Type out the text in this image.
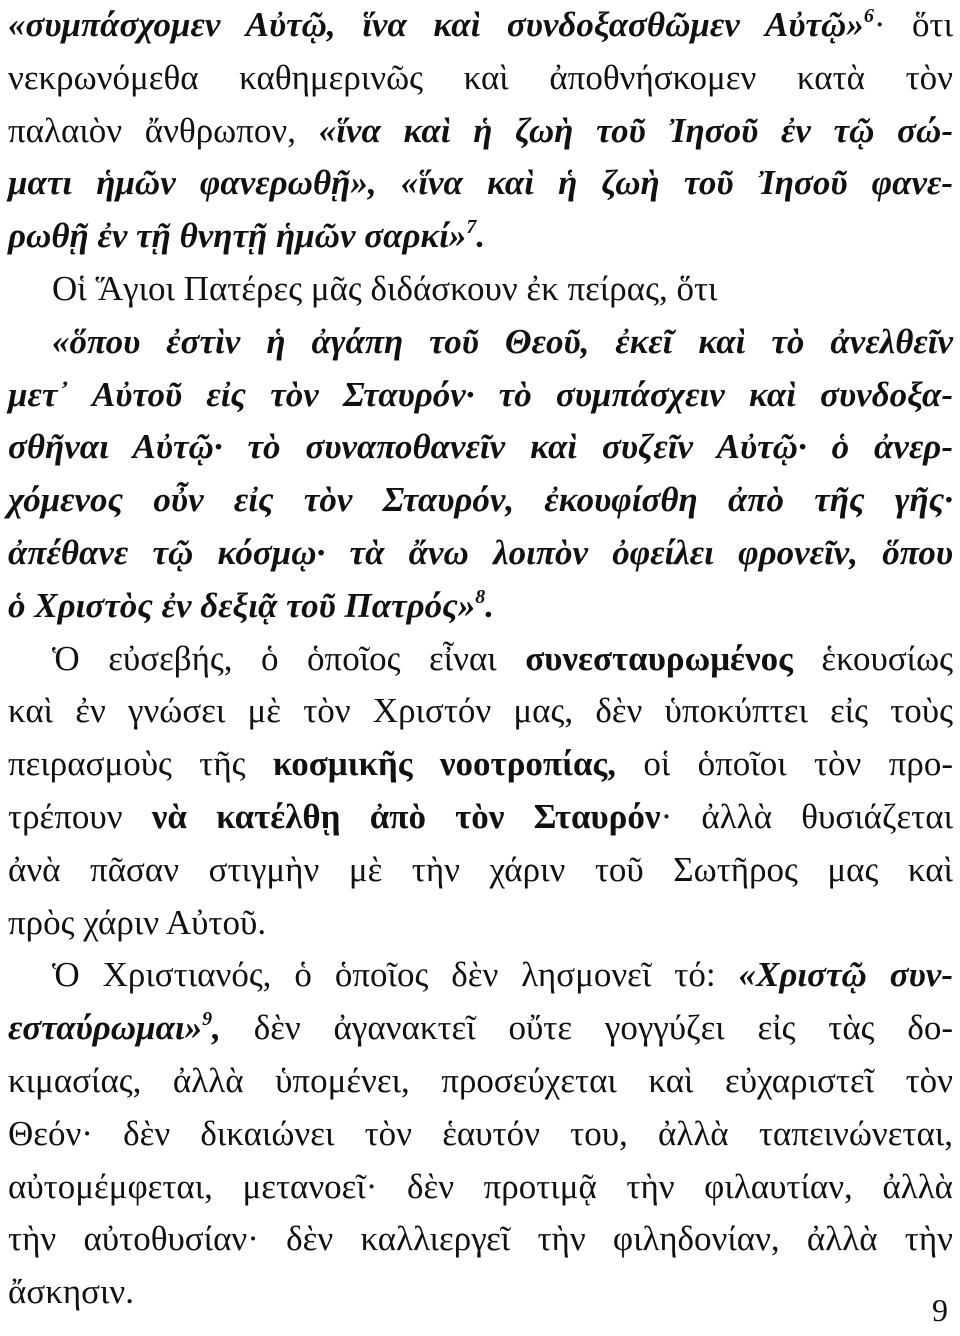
«συμπάσχομεν Αὐτῷ, ἵνα καὶ συνδοξασθῶμεν Αὐτῷ»$^6$· ὅτι
νεκρωνόμεθα καθημερινῶς καὶ ἀποθνήσκομεν κατὰ τὸν
παλαιὸν ἄνθρωπον, «ἵνα καὶ ἡ ζωὴ τοῦ Ἰησοῦ ἐν τῷ σώ-
ματι ἡμῶν φανερωθῇ», «ἵνα καὶ ἡ ζωὴ τοῦ Ἰησοῦ φανε-
ρωθῇ ἐν τῇ θνητῇ ἡμῶν σαρκί»$^7$.
Οἱ Ἅγιοι Πατέρες μᾶς διδάσκουν ἐκ πείρας, ὅτι
«ὅπου ἐστὶν ἡ ἀγάπη τοῦ Θεοῦ, ἐκεῖ καὶ τὸ ἀνελθεῖν
μετ᾽ Αὐτοῦ εἰς τὸν Σταυρόν· τὸ συμπάσχειν καὶ συνδοξα-
σθῆναι Αὐτῷ· τὸ συναποθανεῖν καὶ συζεῖν Αὐτῷ· ὁ ἀνερ-
χόμενος οὖν εἰς τὸν Σταυρόν, ἐκουφίσθη ἀπὸ τῆς γῆς·
ἀπέθανε τῷ κόσμῳ· τὰ ἄνω λοιπὸν ὀφείλει φρονεῖν, ὅπου
ὁ Χριστὸς ἐν δεξιᾷ τοῦ Πατρός»$^8$.
Ὁ εὐσεβής, ὁ ὁποῖος εἶναι συνεσταυρωμένος ἑκουσίως
καὶ ἐν γνώσει μὲ τὸν Χριστόν μας, δὲν ὑποκύπτει εἰς τοὺς
πειρασμοὺς τῆς κοσμικῆς νοοτροπίας, οἱ ὁποῖοι τὸν προ-
τρέπουν νὰ κατέλθῃ ἀπὸ τὸν Σταυρόν· ἀλλὰ θυσιάζεται
ἀνὰ πᾶσαν στιγμὴν μὲ τὴν χάριν τοῦ Σωτῆρος μας καὶ
πρὸς χάριν Αὐτοῦ.
Ὁ Χριστιανός, ὁ ὁποῖος δὲν λησμονεῖ τό: «Χριστῷ συν-
εσταύρωμαι»$^9$, δὲν ἀγανακτεῖ οὔτε γογγύζει εἰς τὰς δο-
κιμασίας, ἀλλὰ ὑπομένει, προσεύχεται καὶ εὐχαριστεῖ τὸν
Θεόν· δὲν δικαιώνει τὸν ἑαυτόν του, ἀλλὰ ταπεινώνεται,
αὐτομέμφεται, μετανοεῖ· δὲν προτιμᾷ τὴν φιλαυτίαν, ἀλλὰ
τὴν αὐτοθυσίαν· δὲν καλλιεργεῖ τὴν φιληδονίαν, ἀλλὰ τὴν
ἄσκησιν.	9
